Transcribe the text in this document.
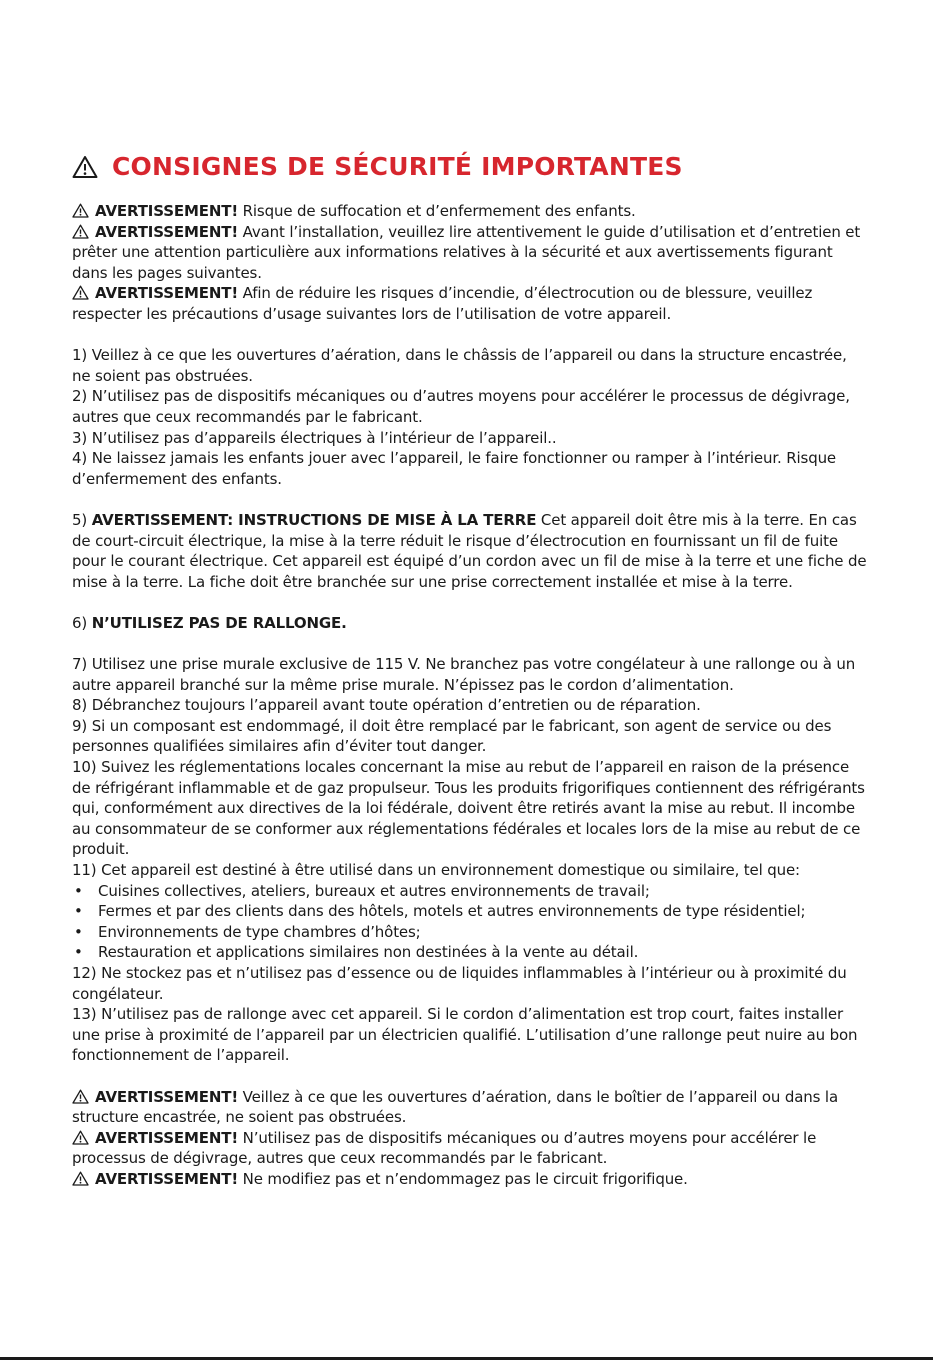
CONSIGNES DE SÉCURITÉ IMPORTANTES

AVERTISSEMENT! Risque de suffocation et d’enfermement des enfants.

AVERTISSEMENT! Avant l’installation, veuillez lire attentivement le guide d’utilisation et d’entretien et prêter une attention particulière aux informations relatives à la sécurité et aux avertissements figurant dans les pages suivantes.

AVERTISSEMENT! Afin de réduire les risques d’incendie, d’électrocution ou de blessure, veuillez respecter les précautions d’usage suivantes lors de l’utilisation de votre appareil.

1) Veillez à ce que les ouvertures d’aération, dans le châssis de l’appareil ou dans la structure encastrée, ne soient pas obstruées.

2) N’utilisez pas de dispositifs mécaniques ou d’autres moyens pour accélérer le processus de dégivrage, autres que ceux recommandés par le fabricant.

3) N’utilisez pas d’appareils électriques à l’intérieur de l’appareil..

4) Ne laissez jamais les enfants jouer avec l’appareil, le faire fonctionner ou ramper à l’intérieur. Risque d’enfermement des enfants.

5) AVERTISSEMENT: INSTRUCTIONS DE MISE À LA TERRE Cet appareil doit être mis à la terre. En cas de court-circuit électrique, la mise à la terre réduit le risque d’électrocution en fournissant un fil de fuite pour le courant électrique. Cet appareil est équipé d’un cordon avec un fil de mise à la terre et une fiche de mise à la terre. La fiche doit être branchée sur une prise correctement installée et mise à la terre.

6) N’UTILISEZ PAS DE RALLONGE.

7) Utilisez une prise murale exclusive de 115 V. Ne branchez pas votre congélateur à une rallonge ou à un autre appareil branché sur la même prise murale. N’épissez pas le cordon d’alimentation.

8) Débranchez toujours l’appareil avant toute opération d’entretien ou de réparation.

9) Si un composant est endommagé, il doit être remplacé par le fabricant, son agent de service ou des personnes qualifiées similaires afin d’éviter tout danger.

10) Suivez les réglementations locales concernant la mise au rebut de l’appareil en raison de la présence de réfrigérant inflammable et de gaz propulseur. Tous les produits frigorifiques contiennent des réfrigérants qui, conformément aux directives de la loi fédérale, doivent être retirés avant la mise au rebut. Il incombe au consommateur de se conformer aux réglementations fédérales et locales lors de la mise au rebut de ce produit.

11) Cet appareil est destiné à être utilisé dans un environnement domestique ou similaire, tel que:

• Cuisines collectives, ateliers, bureaux et autres environnements de travail;
• Fermes et par des clients dans des hôtels, motels et autres environnements de type résidentiel;
• Environnements de type chambres d’hôtes;
• Restauration et applications similaires non destinées à la vente au détail.

12) Ne stockez pas et n’utilisez pas d’essence ou de liquides inflammables à l’intérieur ou à proximité du congélateur.

13) N’utilisez pas de rallonge avec cet appareil. Si le cordon d’alimentation est trop court, faites installer une prise à proximité de l’appareil par un électricien qualifié. L’utilisation d’une rallonge peut nuire au bon fonctionnement de l’appareil.

AVERTISSEMENT! Veillez à ce que les ouvertures d’aération, dans le boîtier de l’appareil ou dans la structure encastrée, ne soient pas obstruées.

AVERTISSEMENT! N’utilisez pas de dispositifs mécaniques ou d’autres moyens pour accélérer le processus de dégivrage, autres que ceux recommandés par le fabricant.

AVERTISSEMENT! Ne modifiez pas et n’endommagez pas le circuit frigorifique.
